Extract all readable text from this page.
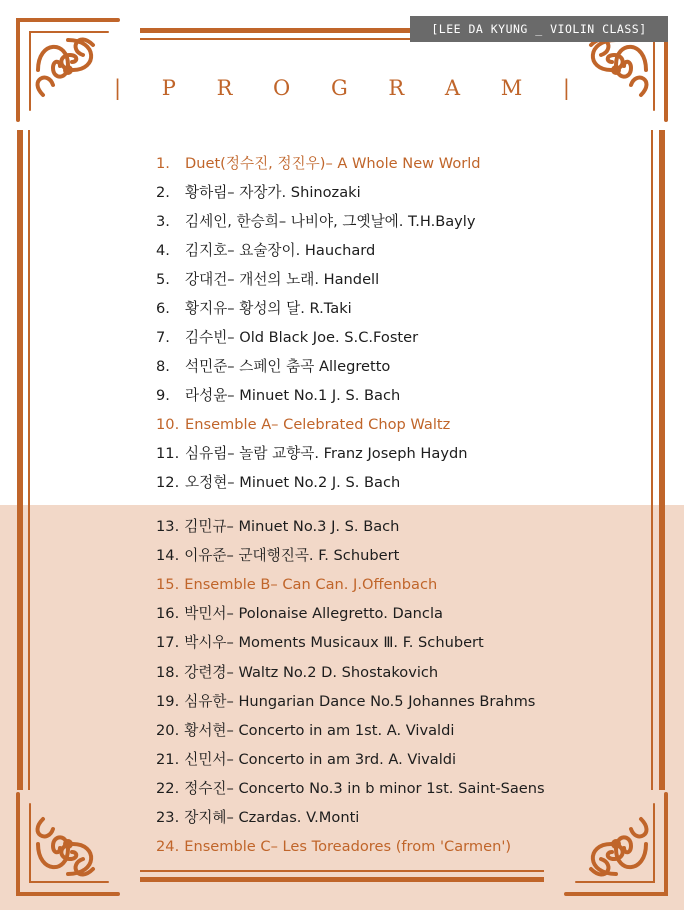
[LEE DA KYUNG _ VIOLIN CLASS]
| P R O G R A M |
1. Duet(정수진, 정진우)– A Whole New World
2. 황하림– 자장가. Shinozaki
3. 김세인, 한승희– 나비야, 그옛날에. T.H.Bayly
4. 김지호– 요술장이. Hauchard
5. 강대건– 개선의 노래. Handell
6. 황지유– 황성의 달. R.Taki
7. 김수빈– Old Black Joe. S.C.Foster
8. 석민준– 스페인 춤곡 Allegretto
9. 라성윤– Minuet No.1 J. S. Bach
10. Ensemble A– Celebrated Chop Waltz
11. 심유림– 놀람 교향곡. Franz Joseph Haydn
12. 오정현– Minuet No.2 J. S. Bach
13. 김민규– Minuet No.3 J. S. Bach
14. 이유준– 군대행진곡. F. Schubert
15. Ensemble B– Can Can. J.Offenbach
16. 박민서– Polonaise Allegretto. Dancla
17. 박시우– Moments Musicaux Ⅲ. F. Schubert
18. 강련경– Waltz No.2 D. Shostakovich
19. 심유한– Hungarian Dance No.5 Johannes Brahms
20. 황서현– Concerto in am 1st. A. Vivaldi
21. 신민서– Concerto in am 3rd. A. Vivaldi
22. 정수진– Concerto No.3 in b minor 1st. Saint-Saens
23. 장지혜– Czardas. V.Monti
24. Ensemble C– Les Toreadores (from 'Carmen')
